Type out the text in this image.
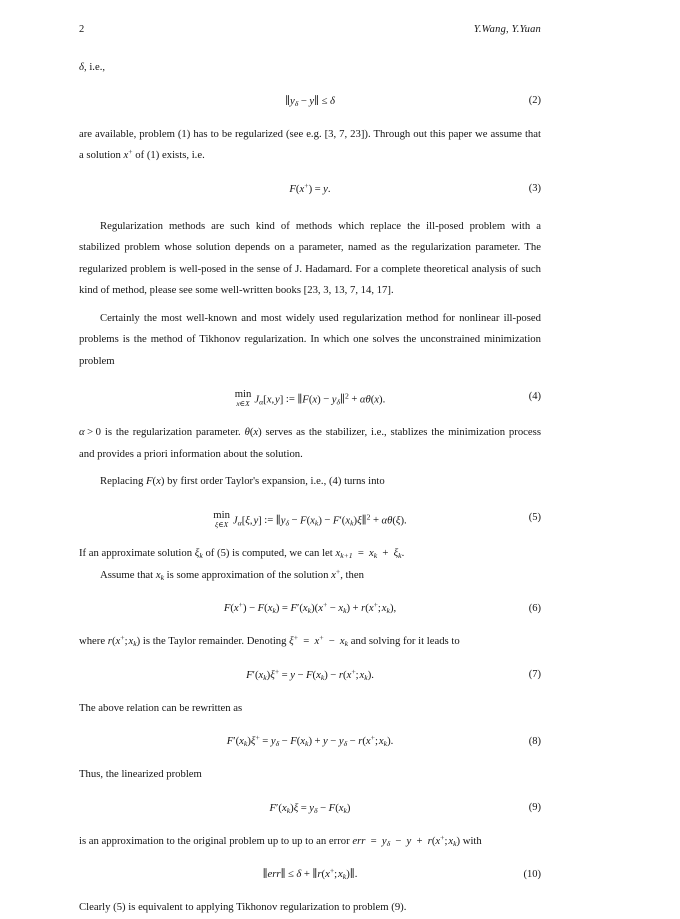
2	Y.Wang, Y.Yuan

δ, i.e.,

$\parallel y_\delta$ − y∥ ≤ δ	(2)

are available, problem (1) has to be regularized (see e.g. [3, 7, 23]). Through out this paper we assume that a solution x+ of (1) exists, i.e.

F(x+) = y.	(3)

Regularization methods are such kind of methods which replace the ill-posed problem with a stabilized problem whose solution depends on a parameter, named as the regularization parameter. The regularized problem is well-posed in the sense of J. Hadamard. For a complete theoretical analysis of such kind of method, please see some well-written books [23, 3, 13, 7, 14, 17].

Certainly the most well-known and most widely used regularization method for nonlinear ill-posed problems is the method of Tikhonov regularization. In which one solves the unconstrained minimization problem

min
x∈X $J_\alpha[x$, y] := ∥F(x) − $y_\delta\parallel^2 + \alpha\theta(x)$.	(4)

α > 0 is the regularization parameter. θ(x) serves as the stabilizer, i.e., stablizes the minimization process and provides a priori information about the solution.

Replacing F(x) by first order Taylor's expansion, i.e., (4) turns into

min
ξ∈X $J_\alpha[\xi$, y] := $\parallel y_\delta - F(x_k)$ − $F'(x_k)\xi\parallel^2 + \alpha\theta(\xi)$.	(5)

If an approximate solution $\xi_k$ of (5) is computed, we can let $x_{k+1} = x_k + \xi_k$.

Assume that $x_k$ is some approximation of the solution x+, then

$F(x^+) - F(x_k) = F'(x_k)(x^+ - x_k) + r(x^+$; $x_k$),	(6)

where r(x+; $x_k$) is the Taylor remainder. Denoting $\xi^+ = x^+ - x_k$ and solving for it leads to

$F'(x_k)\xi^+ = y - F(x_k) - r(x^+$; $x_k$).	(7)

The above relation can be rewritten as

$F'(x_k)\xi^+ = y_\delta - F(x_k) + y - y_\delta - r(x^+$; $x_k$).	(8)

Thus, the linearized problem

$F'(x_k)\xi = y_\delta - F(x_k)$	(9)

is an approximation to the original problem up to up to an error err = $y_\delta - y + r(x^+$; $x_k$) with

∥err∥ ≤ δ + ∥r(x+; $x_k)\parallel$.	(10)

Clearly (5) is equivalent to applying Tikhonov regularization to problem (9).
